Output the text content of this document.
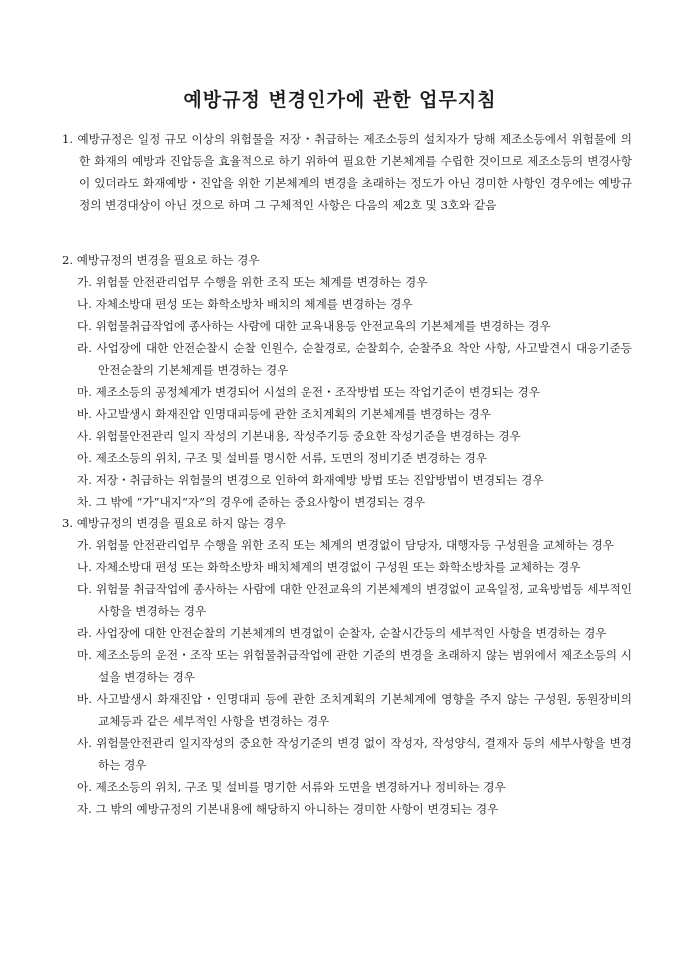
예방규정 변경인가에 관한 업무지침

1. 예방규정은 일정 규모 이상의 위험물을 저장・취급하는 제조소등의 설치자가 당해 제조소등에서 위험물에 의한 화재의 예방과 진압등을 효율적으로 하기 위하여 필요한 기본체계를 수립한 것이므로 제조소등의 변경사항이 있더라도 화재예방・진압을 위한 기본체계의 변경을 초래하는 정도가 아닌 경미한 사항인 경우에는 예방규정의 변경대상이 아닌 것으로 하며 그 구체적인 사항은 다음의 제2호 및 3호와 같음

2. 예방규정의 변경을 필요로 하는 경우

가. 위험물 안전관리업무 수행을 위한 조직 또는 체계를 변경하는 경우

나. 자체소방대 편성 또는 화학소방차 배치의 체계를 변경하는 경우

다. 위험물취급작업에 종사하는 사람에 대한 교육내용등 안전교육의 기본체계를 변경하는 경우

라. 사업장에 대한 안전순찰시 순찰 인원수, 순찰경로, 순찰회수, 순찰주요 착안 사항, 사고발견시 대응기준등 안전순찰의 기본체계를 변경하는 경우

마. 제조소등의 공정체계가 변경되어 시설의 운전・조작방법 또는 작업기준이 변경되는 경우

바. 사고발생시 화재진압 인명대피등에 관한 조치계획의 기본체계를 변경하는 경우

사. 위험물안전관리 일지 작성의 기본내용, 작성주기등 중요한 작성기준을 변경하는 경우

아. 제조소등의 위치, 구조 및 설비를 명시한 서류, 도면의 정비기준 변경하는 경우

자. 저장・취급하는 위험물의 변경으로 인하여 화재예방 방법 또는 진압방법이 변경되는 경우

차. 그 밖에 “가”내지“자”의 경우에 준하는 중요사항이 변경되는 경우

3. 예방규정의 변경을 필요로 하지 않는 경우

가. 위험물 안전관리업무 수행을 위한 조직 또는 체계의 변경없이 담당자, 대행자등 구성원을 교체하는 경우

나. 자체소방대 편성 또는 화학소방차 배치체계의 변경없이 구성원 또는 화학소방차를 교체하는 경우

다. 위험물 취급작업에 종사하는 사람에 대한 안전교육의 기본체계의 변경없이 교육일정, 교육방법등 세부적인 사항을 변경하는 경우

라. 사업장에 대한 안전순찰의 기본체계의 변경없이 순찰자, 순찰시간등의 세부적인 사항을 변경하는 경우

마. 제조소등의 운전・조작 또는 위험물취급작업에 관한 기준의 변경을 초래하지 않는 범위에서 제조소등의 시설을 변경하는 경우

바. 사고발생시 화재진압・인명대피 등에 관한 조치계획의 기본체계에 영향을 주지 않는 구성원, 동원장비의 교체등과 같은 세부적인 사항을 변경하는 경우

사. 위험물안전관리 일지작성의 중요한 작성기준의 변경 없이 작성자, 작성양식, 결재자 등의 세부사항을 변경하는 경우

아. 제조소등의 위치, 구조 및 설비를 명기한 서류와 도면을 변경하거나 정비하는 경우

자. 그 밖의 예방규정의 기본내용에 해당하지 아니하는 경미한 사항이 변경되는 경우
